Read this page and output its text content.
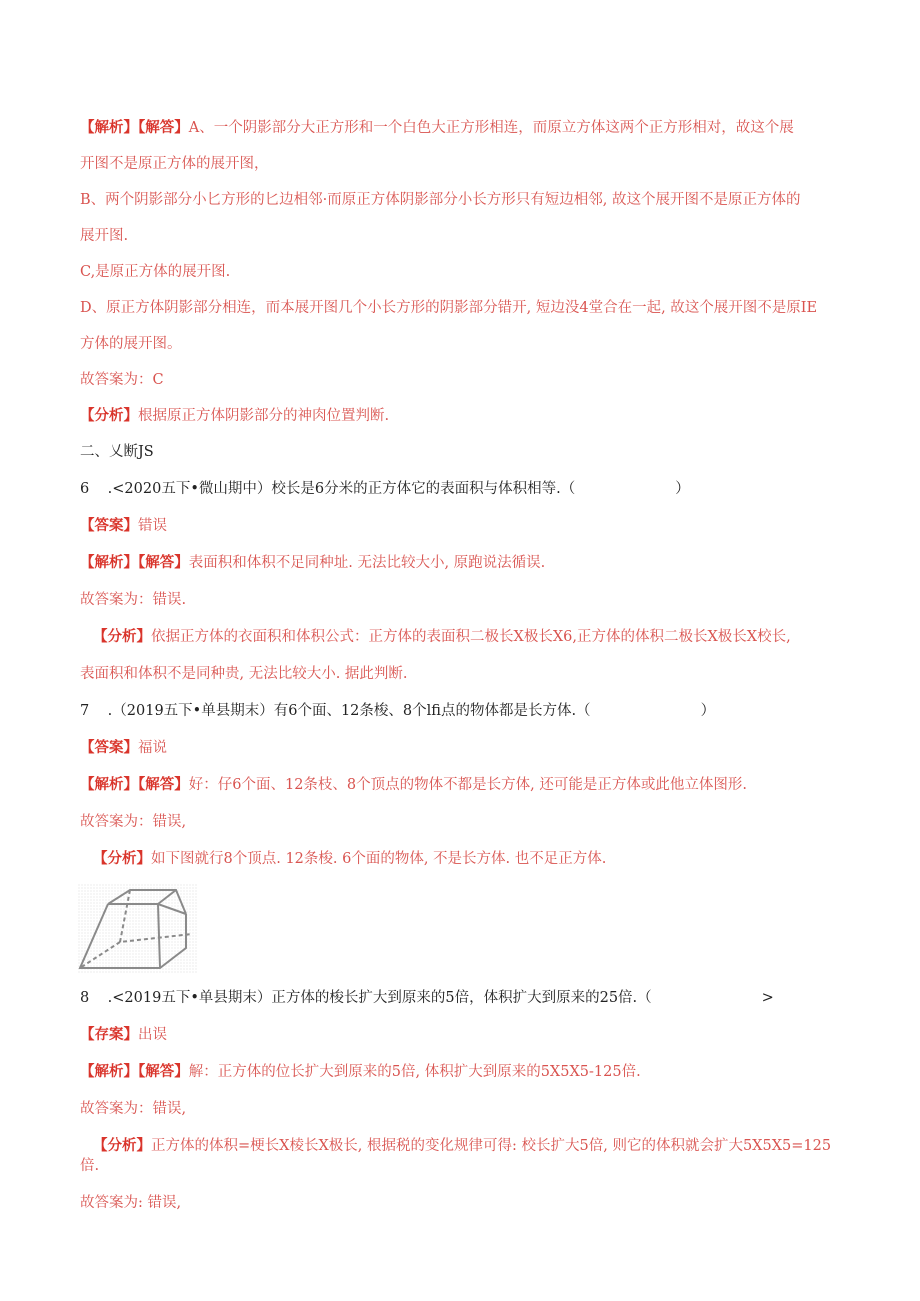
【解析】【解答】A、一个阴影部分大正方形和一个白色大正方形相连，而原立方体这两个正方形相对，故这个展
开图不是原正方体的展开图，
B、两个阴影部分小匕方形的匕边相邻·而原正方体阴影部分小长方形只有短边相邻, 故这个展开图不是原正方体的
展开图.
C,是原正方体的展开图.
D、原正方体阴影部分相连，而本展开图几个小长方形的阴影部分错开, 短边没4堂合在一起, 故这个展开图不是原IE
方体的展开图。
故答案为：C
【分析】根据原正方体阴影部分的神肉位置判断.
二、乂断JS
6 .<2020五下•微山期中）校长是6分米的正方体它的表面积与体积相等.（	）
【答案】错误
【解析】【解答】表面积和体积不足同种址. 无法比较大小, 原跑说法循误.
故答案为：错误.
【分析】依据正方体的衣面积和体积公式：正方体的表面积二极长X极长X6,正方体的体积二极长X极长X校长,
表面积和体积不是同种贵, 无法比较大小. 据此判断.
7 .（2019五下•单县期末）有6个面、12条梭、8个lfi点的物体都是长方体.（	）
【答案】福说
【解析】【解答】好：仔6个面、12条枝、8个顶点的物体不都是长方体, 还可能是正方体或此他立体图形.
故答案为：错误,
【分析】如下图就行8个顶点. 12条梭. 6个面的物体, 不是长方体. 也不足正方体.
8 .<2019五下•单县期末）正方体的梭长扩大到原来的5倍，体积扩大到原来的25倍.（	>
【存案】出误
【解析】【解答】解：正方体的位长扩大到原来的5倍, 体积扩大到原来的5X5X5-125倍.
故答案为：错误,
【分析】正方体的体积=梗长X棱长X极长, 根据税的变化规律可得: 校长扩大5倍, 则它的体积就会扩大5X5X5=125
倍.
故答案为: 错误,
